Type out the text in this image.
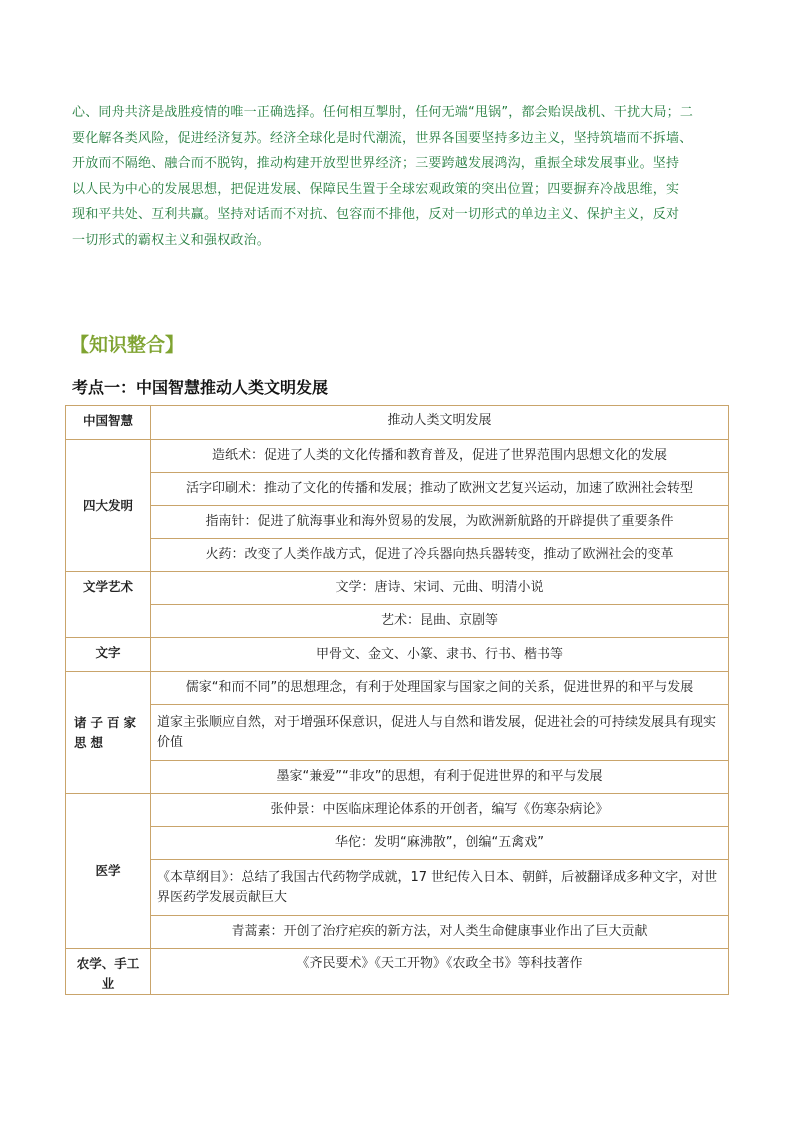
心、同舟共济是战胜疫情的唯一正确选择。任何相互掣肘，任何无端“甩锅”，都会贻误战机、干扰大局；二
要化解各类风险，促进经济复苏。经济全球化是时代潮流，世界各国要坚持多边主义，坚持筑墙而不拆墙、
开放而不隔绝、融合而不脱钩，推动构建开放型世界经济；三要跨越发展鸿沟，重振全球发展事业。坚持
以人民为中心的发展思想，把促进发展、保障民生置于全球宏观政策的突出位置；四要摒弃冷战思维，实
现和平共处、互利共赢。坚持对话而不对抗、包容而不排他，反对一切形式的单边主义、保护主义，反对
一切形式的霸权主义和强权政治。
【知识整合】
考点一：中国智慧推动人类文明发展
中国智慧	推动人类文明发展
四大发明	造纸术：促进了人类的文化传播和教育普及，促进了世界范围内思想文化的发展
	活字印刷术：推动了文化的传播和发展；推动了欧洲文艺复兴运动，加速了欧洲社会转型
	指南针：促进了航海事业和海外贸易的发展，为欧洲新航路的开辟提供了重要条件
	火药：改变了人类作战方式，促进了冷兵器向热兵器转变，推动了欧洲社会的变革
文学艺术	文学：唐诗、宋词、元曲、明清小说
	艺术：昆曲、京剧等
文字	甲骨文、金文、小篆、隶书、行书、楷书等
诸子百家思想	儒家“和而不同”的思想理念，有利于处理国家与国家之间的关系，促进世界的和平与发展
	道家主张顺应自然，对于增强环保意识，促进人与自然和谐发展，促进社会的可持续发展具有现实价值
	墨家“兼爱”“非攻”的思想，有利于促进世界的和平与发展
医学	张仲景：中医临床理论体系的开创者，编写《伤寒杂病论》
	华佗：发明“麻沸散”，创编“五禽戏”
	《本草纲目》：总结了我国古代药物学成就，17 世纪传入日本、朝鲜，后被翻译成多种文字，对世界医药学发展贡献巨大
	青蒿素：开创了治疗疟疾的新方法，对人类生命健康事业作出了巨大贡献
农学、手工业	《齐民要术》《天工开物》《农政全书》等科技著作
